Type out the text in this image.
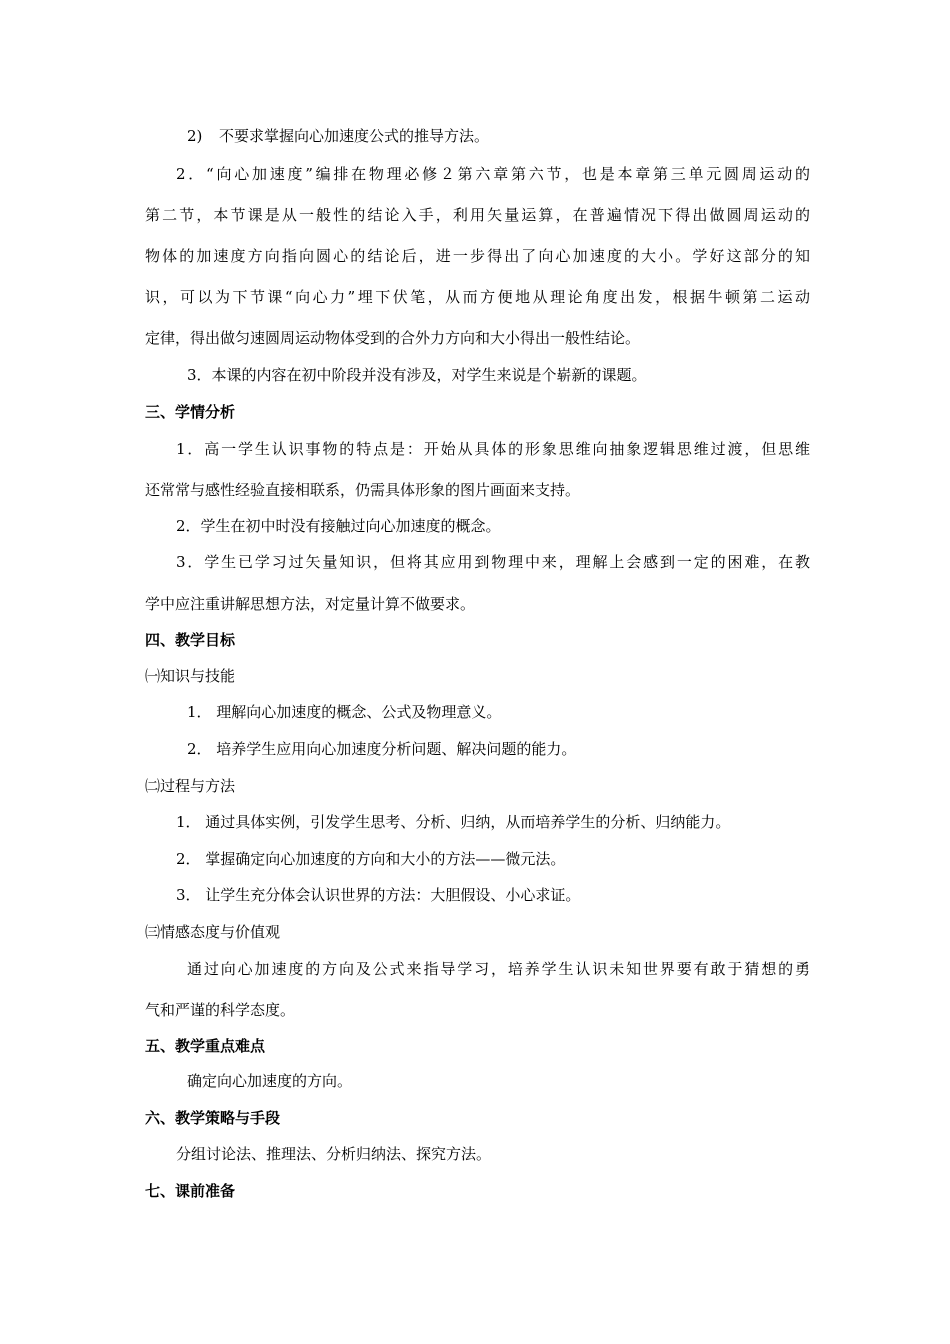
2) 不要求掌握向心加速度公式的推导方法。
2．“向心加速度”编排在物理必修２第六章第六节，也是本章第三单元圆周运动的
第二节，本节课是从一般性的结论入手，利用矢量运算，在普遍情况下得出做圆周运动的
物体的加速度方向指向圆心的结论后，进一步得出了向心加速度的大小。学好这部分的知
识，可以为下节课“向心力”埋下伏笔，从而方便地从理论角度出发，根据牛顿第二运动
定律，得出做匀速圆周运动物体受到的合外力方向和大小得出一般性结论。
3．本课的内容在初中阶段并没有涉及，对学生来说是个崭新的课题。
三、学情分析
1．高一学生认识事物的特点是：开始从具体的形象思维向抽象逻辑思维过渡，但思维
还常常与感性经验直接相联系，仍需具体形象的图片画面来支持。
2．学生在初中时没有接触过向心加速度的概念。
3．学生已学习过矢量知识，但将其应用到物理中来，理解上会感到一定的困难，在教
学中应注重讲解思想方法，对定量计算不做要求。
四、教学目标
㈠知识与技能
1． 理解向心加速度的概念、公式及物理意义。
2． 培养学生应用向心加速度分析问题、解决问题的能力。
㈡过程与方法
1． 通过具体实例，引发学生思考、分析、归纳，从而培养学生的分析、归纳能力。
2． 掌握确定向心加速度的方向和大小的方法——微元法。
3． 让学生充分体会认识世界的方法：大胆假设、小心求证。
㈢情感态度与价值观
通过向心加速度的方向及公式来指导学习，培养学生认识未知世界要有敢于猜想的勇
气和严谨的科学态度。
五、教学重点难点
确定向心加速度的方向。
六、教学策略与手段
分组讨论法、推理法、分析归纳法、探究方法。
七、课前准备
